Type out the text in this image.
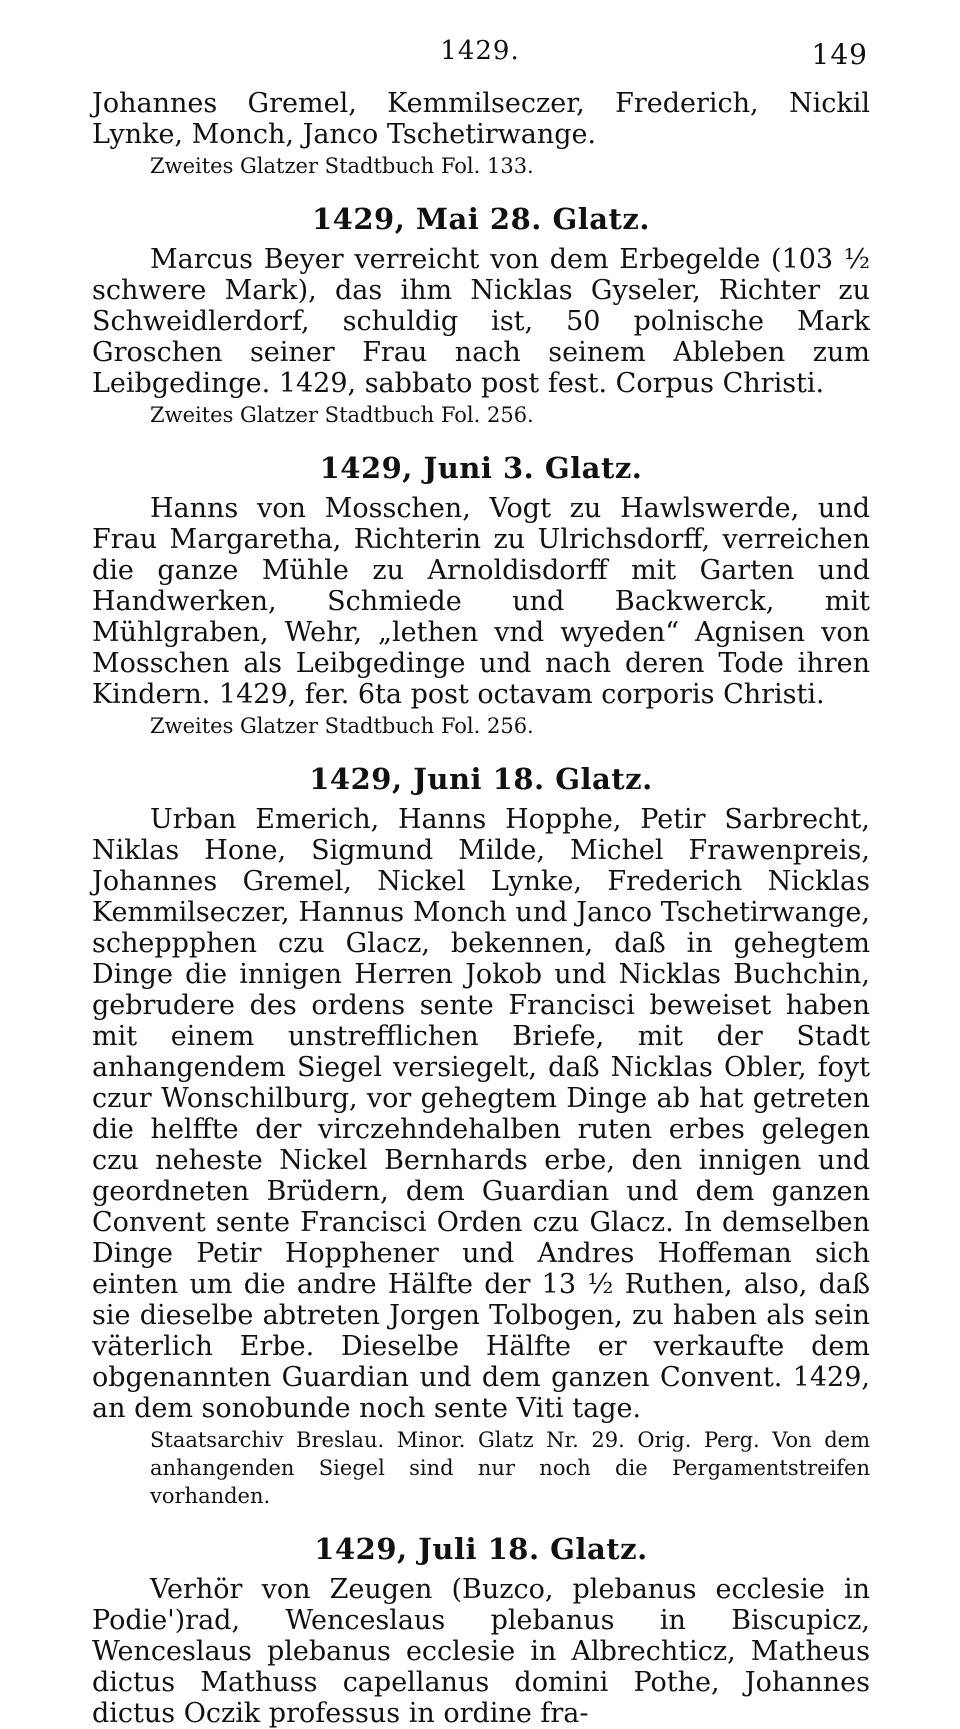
1429.	149

Johannes Gremel, Kemmilseczer, Frederich, Nickil Lynke, Monch, Janco Tschetirwange.

Zweites Glatzer Stadtbuch Fol. 133.

1429, Mai 28. Glatz.

Marcus Beyer verreicht von dem Erbegelde (103 ½ schwere Mark), das ihm Nicklas Gyseler, Richter zu Schweidlerdorf, schuldig ist, 50 polnische Mark Groschen seiner Frau nach seinem Ableben zum Leibgedinge. 1429, sabbato post fest. Corpus Christi.

Zweites Glatzer Stadtbuch Fol. 256.

1429, Juni 3. Glatz.

Hanns von Mosschen, Vogt zu Hawlswerde, und Frau Margaretha, Richterin zu Ulrichsdorff, verreichen die ganze Mühle zu Arnoldisdorff mit Garten und Handwerken, Schmiede und Backwerck, mit Mühlgraben, Wehr, „lethen vnd wyeden“ Agnisen von Mosschen als Leibgedinge und nach deren Tode ihren Kindern. 1429, fer. 6ta post octavam corporis Christi.

Zweites Glatzer Stadtbuch Fol. 256.

1429, Juni 18. Glatz.

Urban Emerich, Hanns Hopphe, Petir Sarbrecht, Niklas Hone, Sigmund Milde, Michel Frawenpreis, Johannes Gremel, Nickel Lynke, Frederich Nicklas Kemmilseczer, Hannus Monch und Janco Tschetirwange, scheppphen czu Glacz, bekennen, daß in gehegtem Dinge die innigen Herren Jokob und Nicklas Buchchin, gebrudere des ordens sente Francisci beweiset haben mit einem unstrefflichen Briefe, mit der Stadt anhangendem Siegel versiegelt, daß Nicklas Obler, foyt czur Wonschilburg, vor gehegtem Dinge ab hat getreten die helffte der virczehndehalben ruten erbes gelegen czu neheste Nickel Bernhards erbe, den innigen und geordneten Brüdern, dem Guardian und dem ganzen Convent sente Francisci Orden czu Glacz. In demselben Dinge Petir Hopphener und Andres Hoffeman sich einten um die andre Hälfte der 13 ½ Ruthen, also, daß sie dieselbe abtreten Jorgen Tolbogen, zu haben als sein väterlich Erbe. Dieselbe Hälfte er verkaufte dem obgenannten Guardian und dem ganzen Convent. 1429, an dem sonobunde noch sente Viti tage.

Staatsarchiv Breslau. Minor. Glatz Nr. 29. Orig. Perg. Von dem anhangenden Siegel sind nur noch die Pergamentstreifen vorhanden.

1429, Juli 18. Glatz.

Verhör von Zeugen (Buzco, plebanus ecclesie in Podie')rad, Wenceslaus plebanus in Biscupicz, Wenceslaus plebanus ecclesie in Albrechticz, Matheus dictus Mathuss capellanus domini Pothe, Johannes dictus Oczik professus in ordine fra-
